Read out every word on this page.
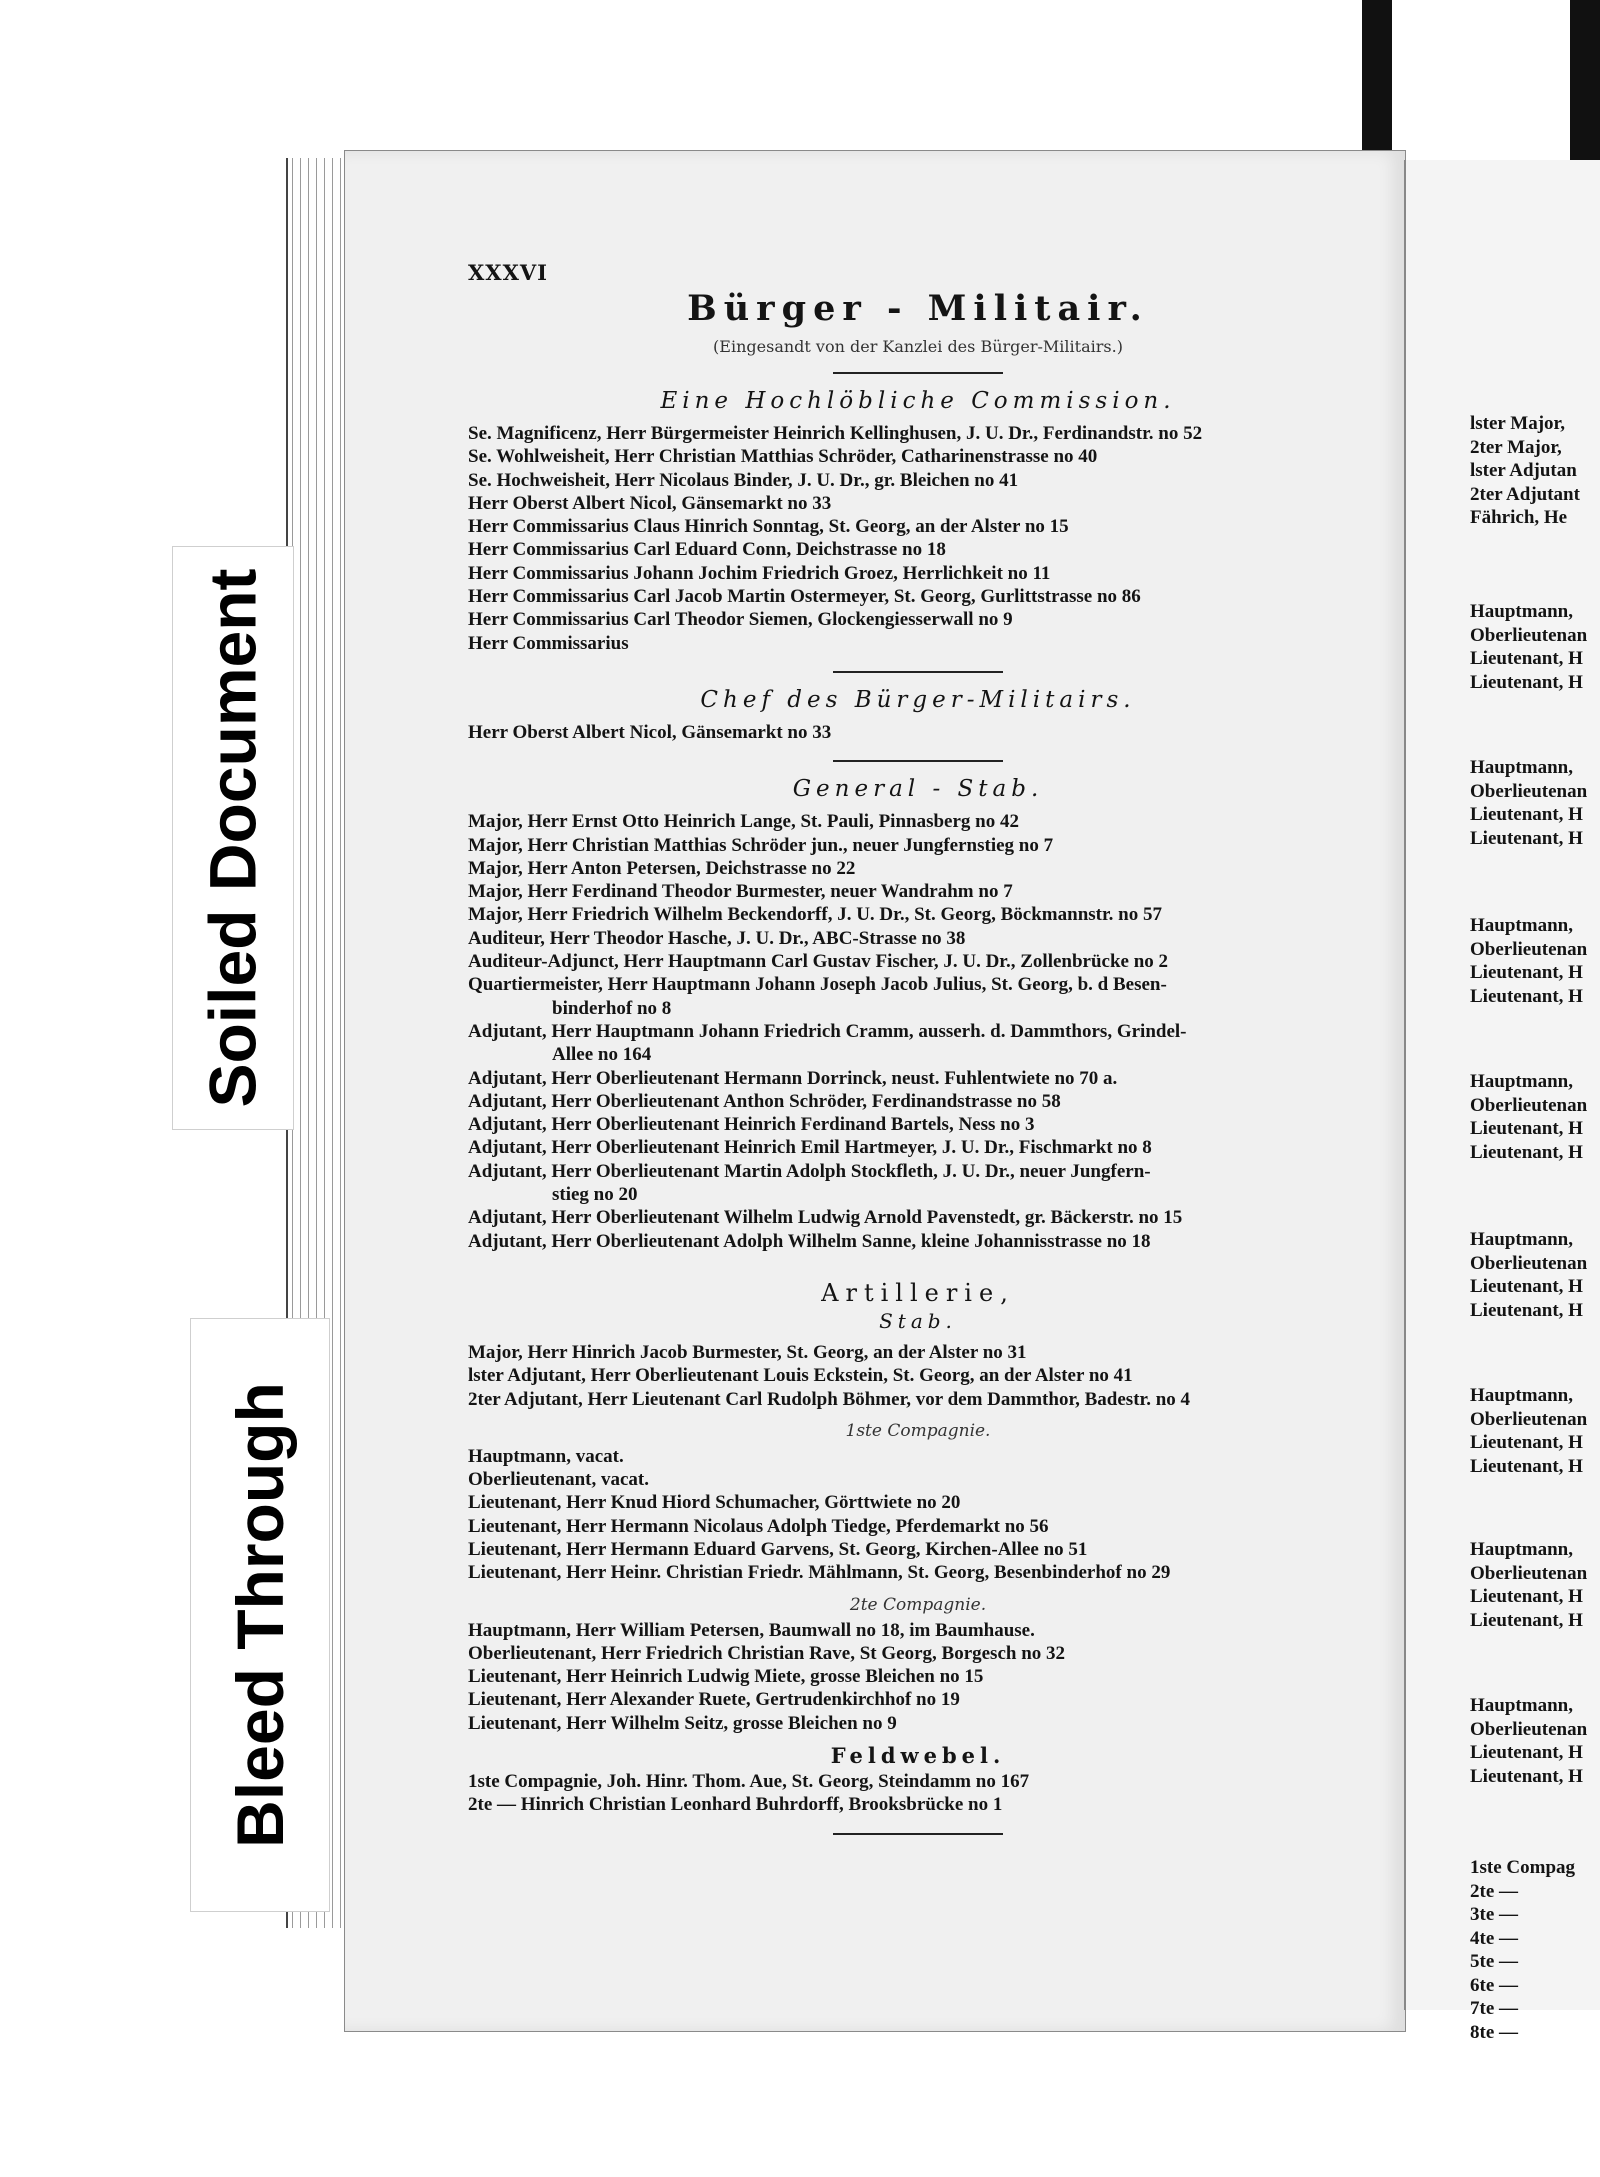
Soiled Document
Bleed Through
XXXVI
Bürger - Militair.
(Eingesandt von der Kanzlei des Bürger-Militairs.)
Eine Hochlöbliche Commission.
Se. Magnificenz, Herr Bürgermeister Heinrich Kellinghusen, J. U. Dr., Ferdinandstr. no 52
Se. Wohlweisheit, Herr Christian Matthias Schröder, Catharinenstrasse no 40
Se. Hochweisheit, Herr Nicolaus Binder, J. U. Dr., gr. Bleichen no 41
Herr Oberst Albert Nicol, Gänsemarkt no 33
Herr Commissarius Claus Hinrich Sonntag, St. Georg, an der Alster no 15
Herr Commissarius Carl Eduard Conn, Deichstrasse no 18
Herr Commissarius Johann Jochim Friedrich Groez, Herrlichkeit no 11
Herr Commissarius Carl Jacob Martin Ostermeyer, St. Georg, Gurlittstrasse no 86
Herr Commissarius Carl Theodor Siemen, Glockengiesserwall no 9
Herr Commissarius
Chef des Bürger-Militairs.
Herr Oberst Albert Nicol, Gänsemarkt no 33
General - Stab.
Major, Herr Ernst Otto Heinrich Lange, St. Pauli, Pinnasberg no 42
Major, Herr Christian Matthias Schröder jun., neuer Jungfernstieg no 7
Major, Herr Anton Petersen, Deichstrasse no 22
Major, Herr Ferdinand Theodor Burmester, neuer Wandrahm no 7
Major, Herr Friedrich Wilhelm Beckendorff, J. U. Dr., St. Georg, Böckmannstr. no 57
Auditeur, Herr Theodor Hasche, J. U. Dr., ABC-Strasse no 38
Auditeur-Adjunct, Herr Hauptmann Carl Gustav Fischer, J. U. Dr., Zollenbrücke no 2
Quartiermeister, Herr Hauptmann Johann Joseph Jacob Julius, St. Georg, b. d Besen-
binderhof no 8
Adjutant, Herr Hauptmann Johann Friedrich Cramm, ausserh. d. Dammthors, Grindel-
Allee no 164
Adjutant, Herr Oberlieutenant Hermann Dorrinck, neust. Fuhlentwiete no 70 a.
Adjutant, Herr Oberlieutenant Anthon Schröder, Ferdinandstrasse no 58
Adjutant, Herr Oberlieutenant Heinrich Ferdinand Bartels, Ness no 3
Adjutant, Herr Oberlieutenant Heinrich Emil Hartmeyer, J. U. Dr., Fischmarkt no 8
Adjutant, Herr Oberlieutenant Martin Adolph Stockfleth, J. U. Dr., neuer Jungfern-
stieg no 20
Adjutant, Herr Oberlieutenant Wilhelm Ludwig Arnold Pavenstedt, gr. Bäckerstr. no 15
Adjutant, Herr Oberlieutenant Adolph Wilhelm Sanne, kleine Johannisstrasse no 18
Artillerie,
Stab.
Major, Herr Hinrich Jacob Burmester, St. Georg, an der Alster no 31
lster Adjutant, Herr Oberlieutenant Louis Eckstein, St. Georg, an der Alster no 41
2ter Adjutant, Herr Lieutenant Carl Rudolph Böhmer, vor dem Dammthor, Badestr. no 4
1ste Compagnie.
Hauptmann, vacat.
Oberlieutenant, vacat.
Lieutenant, Herr Knud Hiord Schumacher, Görttwiete no 20
Lieutenant, Herr Hermann Nicolaus Adolph Tiedge, Pferdemarkt no 56
Lieutenant, Herr Hermann Eduard Garvens, St. Georg, Kirchen-Allee no 51
Lieutenant, Herr Heinr. Christian Friedr. Mählmann, St. Georg, Besenbinderhof no 29
2te Compagnie.
Hauptmann, Herr William Petersen, Baumwall no 18, im Baumhause.
Oberlieutenant, Herr Friedrich Christian Rave, St Georg, Borgesch no 32
Lieutenant, Herr Heinrich Ludwig Miete, grosse Bleichen no 15
Lieutenant, Herr Alexander Ruete, Gertrudenkirchhof no 19
Lieutenant, Herr Wilhelm Seitz, grosse Bleichen no 9
Feldwebel.
1ste Compagnie, Joh. Hinr. Thom. Aue, St. Georg, Steindamm no 167
2te — Hinrich Christian Leonhard Buhrdorff, Brooksbrücke no 1
lster Major,
2ter Major,
lster Adjutan
2ter Adjutant
Fährich, He
Hauptmann,
Oberlieutenan
Lieutenant, H
Lieutenant, H
Hauptmann,
Oberlieutenan
Lieutenant, H
Lieutenant, H
Hauptmann,
Oberlieutenan
Lieutenant, H
Lieutenant, H
Hauptmann,
Oberlieutenan
Lieutenant, H
Lieutenant, H
Hauptmann,
Oberlieutenan
Lieutenant, H
Lieutenant, H
Hauptmann,
Oberlieutenan
Lieutenant, H
Lieutenant, H
Hauptmann,
Oberlieutenan
Lieutenant, H
Lieutenant, H
Hauptmann,
Oberlieutenan
Lieutenant, H
Lieutenant, H
1ste Compag
2te —
3te —
4te —
5te —
6te —
7te —
8te —
